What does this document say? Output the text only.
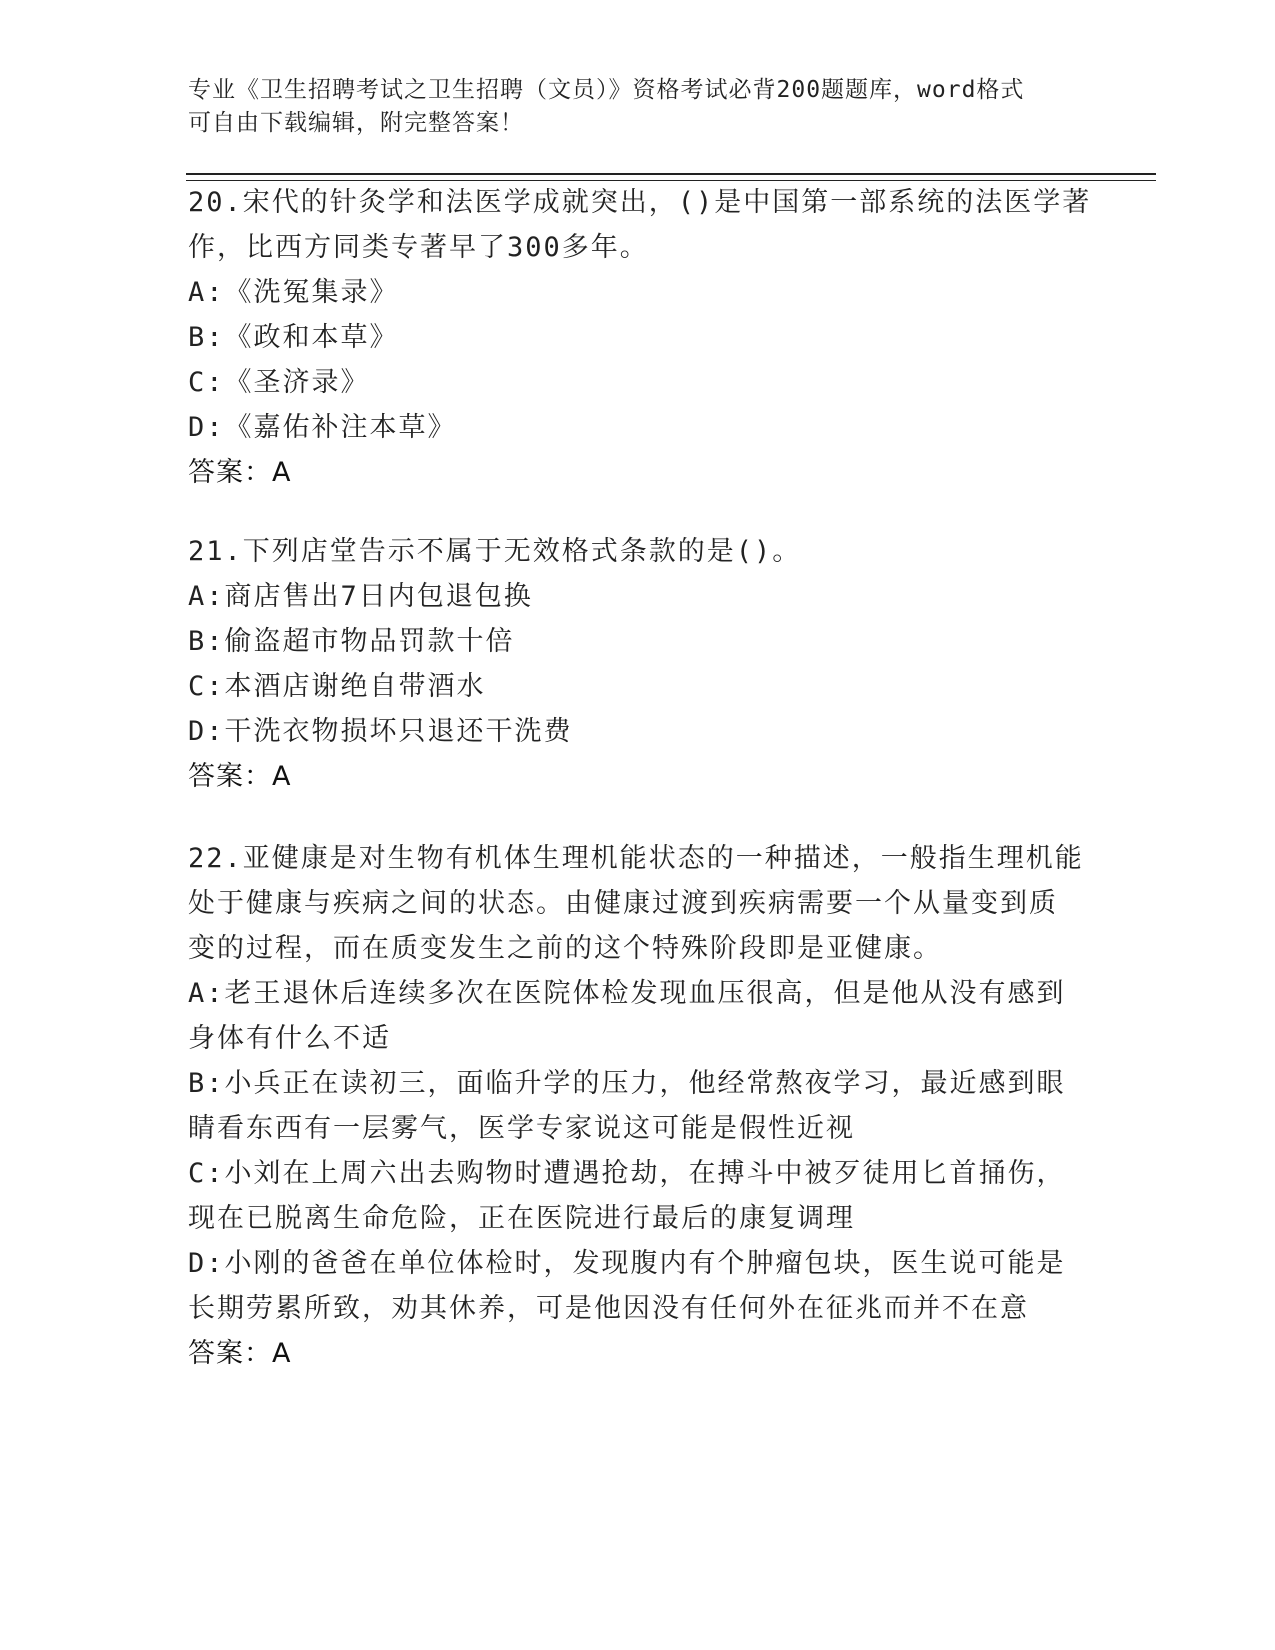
专业《卫生招聘考试之卫生招聘（文员）》资格考试必背200题题库，word格式
可自由下载编辑，附完整答案！
20.宋代的针灸学和法医学成就突出，()是中国第一部系统的法医学著
作，比西方同类专著早了300多年。
A:《洗冤集录》
B:《政和本草》
C:《圣济录》
D:《嘉佑补注本草》
答案：A
21.下列店堂告示不属于无效格式条款的是()。
A:商店售出7日内包退包换
B:偷盗超市物品罚款十倍
C:本酒店谢绝自带酒水
D:干洗衣物损坏只退还干洗费
答案：A
22.亚健康是对生物有机体生理机能状态的一种描述，一般指生理机能
处于健康与疾病之间的状态。由健康过渡到疾病需要一个从量变到质
变的过程，而在质变发生之前的这个特殊阶段即是亚健康。
A:老王退休后连续多次在医院体检发现血压很高，但是他从没有感到
身体有什么不适
B:小兵正在读初三，面临升学的压力，他经常熬夜学习，最近感到眼
睛看东西有一层雾气，医学专家说这可能是假性近视
C:小刘在上周六出去购物时遭遇抢劫，在搏斗中被歹徒用匕首捅伤，
现在已脱离生命危险，正在医院进行最后的康复调理
D:小刚的爸爸在单位体检时，发现腹内有个肿瘤包块，医生说可能是
长期劳累所致，劝其休养，可是他因没有任何外在征兆而并不在意
答案：A
